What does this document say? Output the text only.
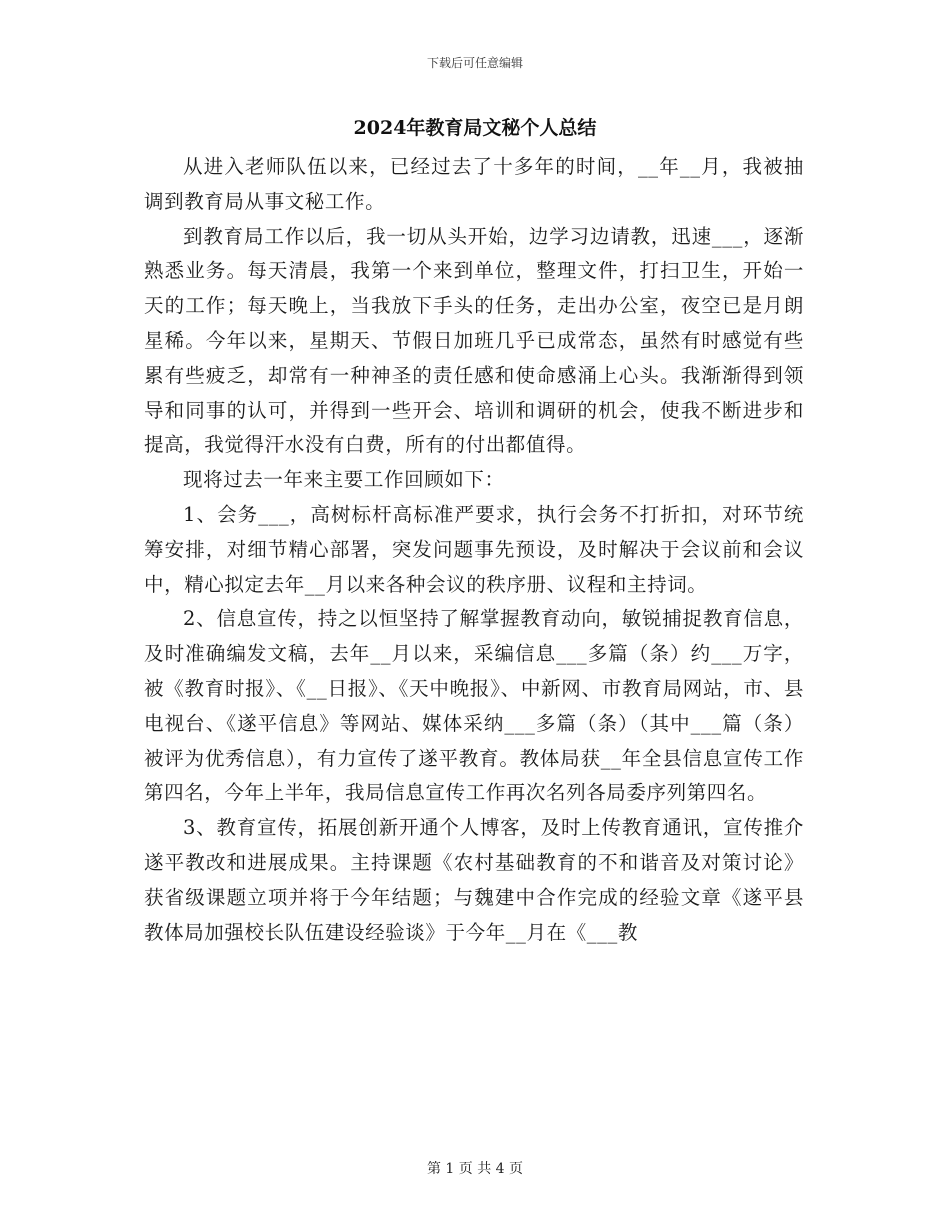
下载后可任意编辑
2024年教育局文秘个人总结

从进入老师队伍以来，已经过去了十多年的时间，__年__月，我被抽调到教育局从事文秘工作。

到教育局工作以后，我一切从头开始，边学习边请教，迅速___，逐渐熟悉业务。每天清晨，我第一个来到单位，整理文件，打扫卫生，开始一天的工作；每天晚上，当我放下手头的任务，走出办公室，夜空已是月朗星稀。今年以来，星期天、节假日加班几乎已成常态，虽然有时感觉有些累有些疲乏，却常有一种神圣的责任感和使命感涌上心头。我渐渐得到领导和同事的认可，并得到一些开会、培训和调研的机会，使我不断进步和提高，我觉得汗水没有白费，所有的付出都值得。

现将过去一年来主要工作回顾如下：

1、会务___，高树标杆高标准严要求，执行会务不打折扣，对环节统筹安排，对细节精心部署，突发问题事先预设，及时解决于会议前和会议中，精心拟定去年__月以来各种会议的秩序册、议程和主持词。

2、信息宣传，持之以恒坚持了解掌握教育动向，敏锐捕捉教育信息，及时准确编发文稿，去年__月以来，采编信息___多篇（条）约___万字，被《教育时报》、《__日报》、《天中晚报》、中新网、市教育局网站，市、县电视台、《遂平信息》等网站、媒体采纳___多篇（条）（其中___篇（条）被评为优秀信息），有力宣传了遂平教育。教体局获__年全县信息宣传工作第四名，今年上半年，我局信息宣传工作再次名列各局委序列第四名。

3、教育宣传，拓展创新开通个人博客，及时上传教育通讯，宣传推介遂平教改和进展成果。主持课题《农村基础教育的不和谐音及对策讨论》获省级课题立项并将于今年结题；与魏建中合作完成的经验文章《遂平县教体局加强校长队伍建设经验谈》于今年__月在《___教

第 1 页 共 4 页
